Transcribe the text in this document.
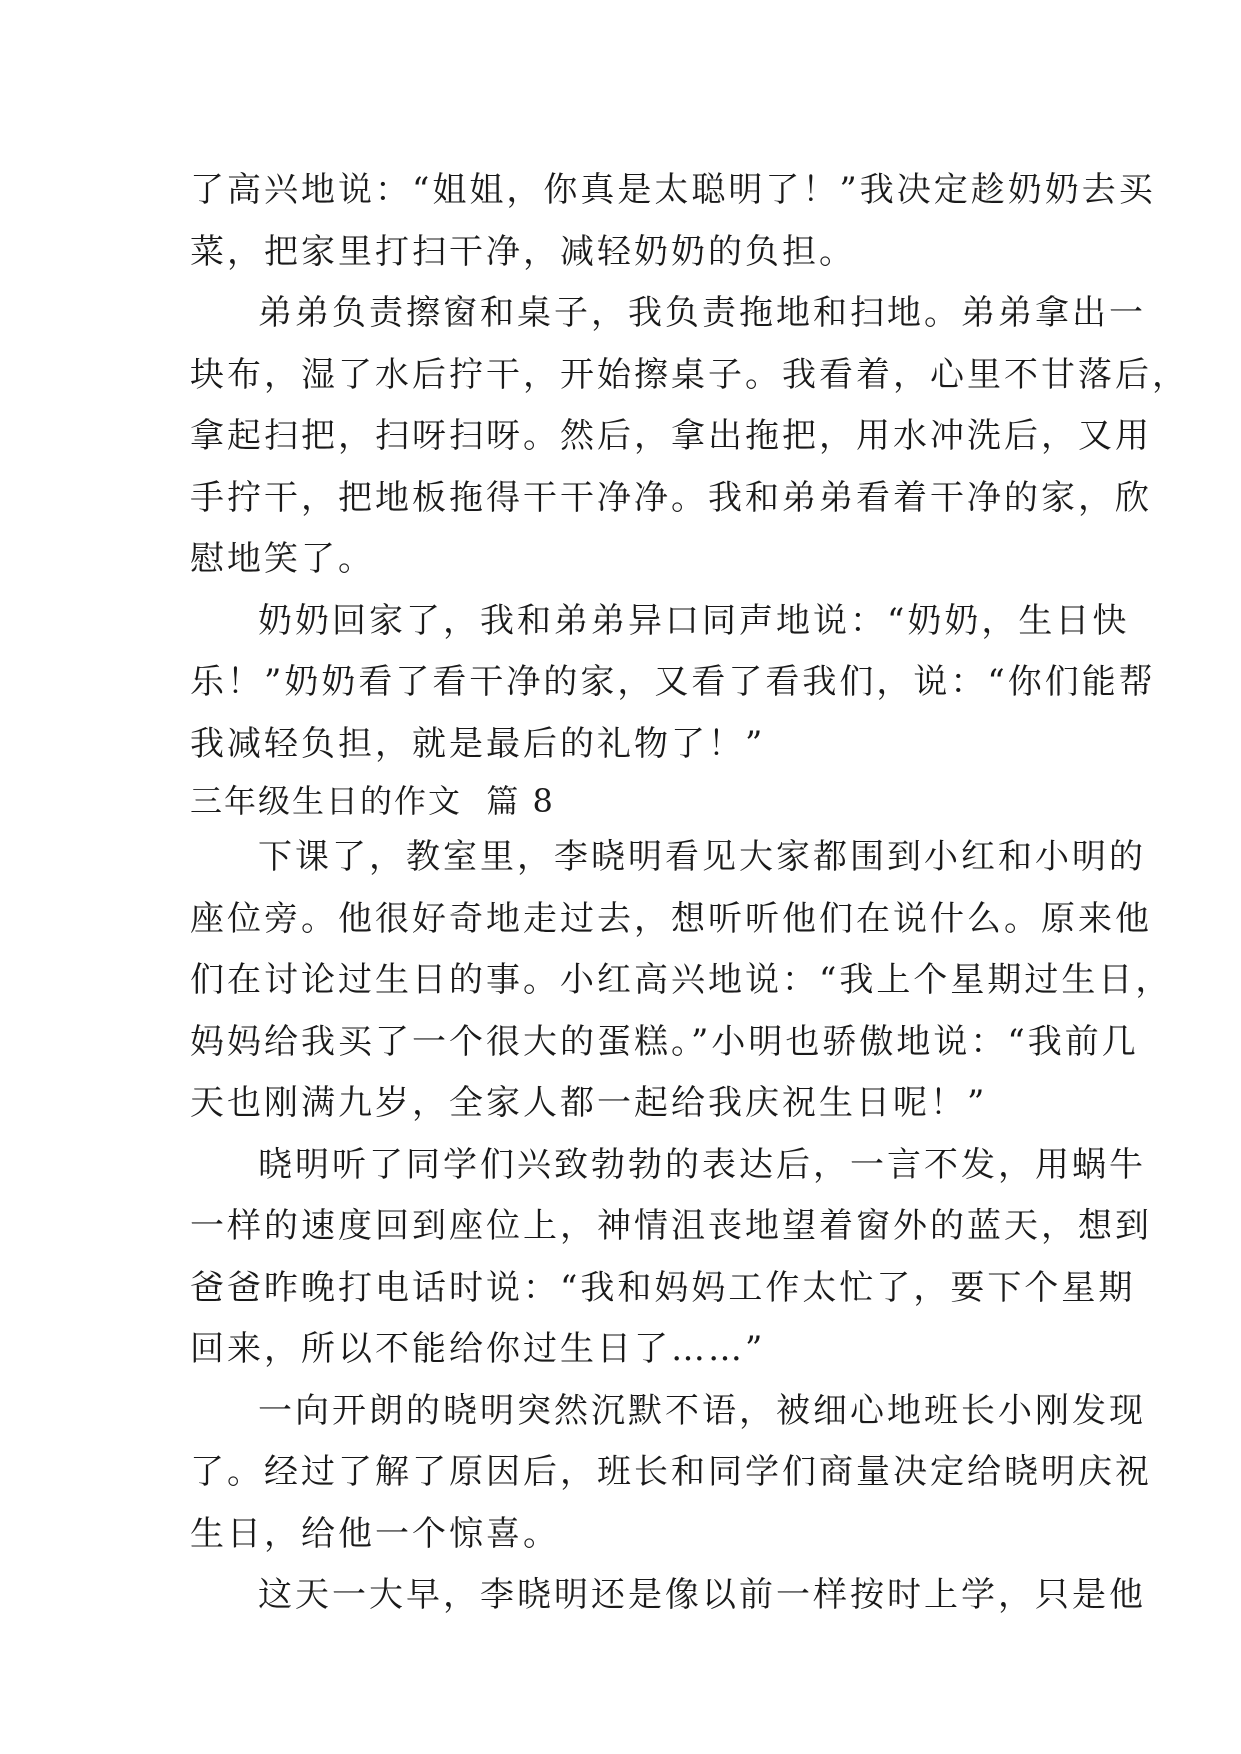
了高兴地说：“姐姐，你真是太聪明了！”我决定趁奶奶去买
菜，把家里打扫干净，减轻奶奶的负担。
弟弟负责擦窗和桌子，我负责拖地和扫地。弟弟拿出一
块布，湿了水后拧干，开始擦桌子。我看着，心里不甘落后，
拿起扫把，扫呀扫呀。然后，拿出拖把，用水冲洗后，又用
手拧干，把地板拖得干干净净。我和弟弟看着干净的家，欣
慰地笑了。
奶奶回家了，我和弟弟异口同声地说：“奶奶，生日快
乐！”奶奶看了看干净的家，又看了看我们，说：“你们能帮
我减轻负担，就是最后的礼物了！”
三年级生日的作文  篇 8
下课了，教室里，李晓明看见大家都围到小红和小明的
座位旁。他很好奇地走过去，想听听他们在说什么。原来他
们在讨论过生日的事。小红高兴地说：“我上个星期过生日，
妈妈给我买了一个很大的蛋糕。”小明也骄傲地说：“我前几
天也刚满九岁，全家人都一起给我庆祝生日呢！”
晓明听了同学们兴致勃勃的表达后，一言不发，用蜗牛
一样的速度回到座位上，神情沮丧地望着窗外的蓝天，想到
爸爸昨晚打电话时说：“我和妈妈工作太忙了，要下个星期
回来，所以不能给你过生日了……”
一向开朗的晓明突然沉默不语，被细心地班长小刚发现
了。经过了解了原因后，班长和同学们商量决定给晓明庆祝
生日，给他一个惊喜。
这天一大早，李晓明还是像以前一样按时上学，只是他
